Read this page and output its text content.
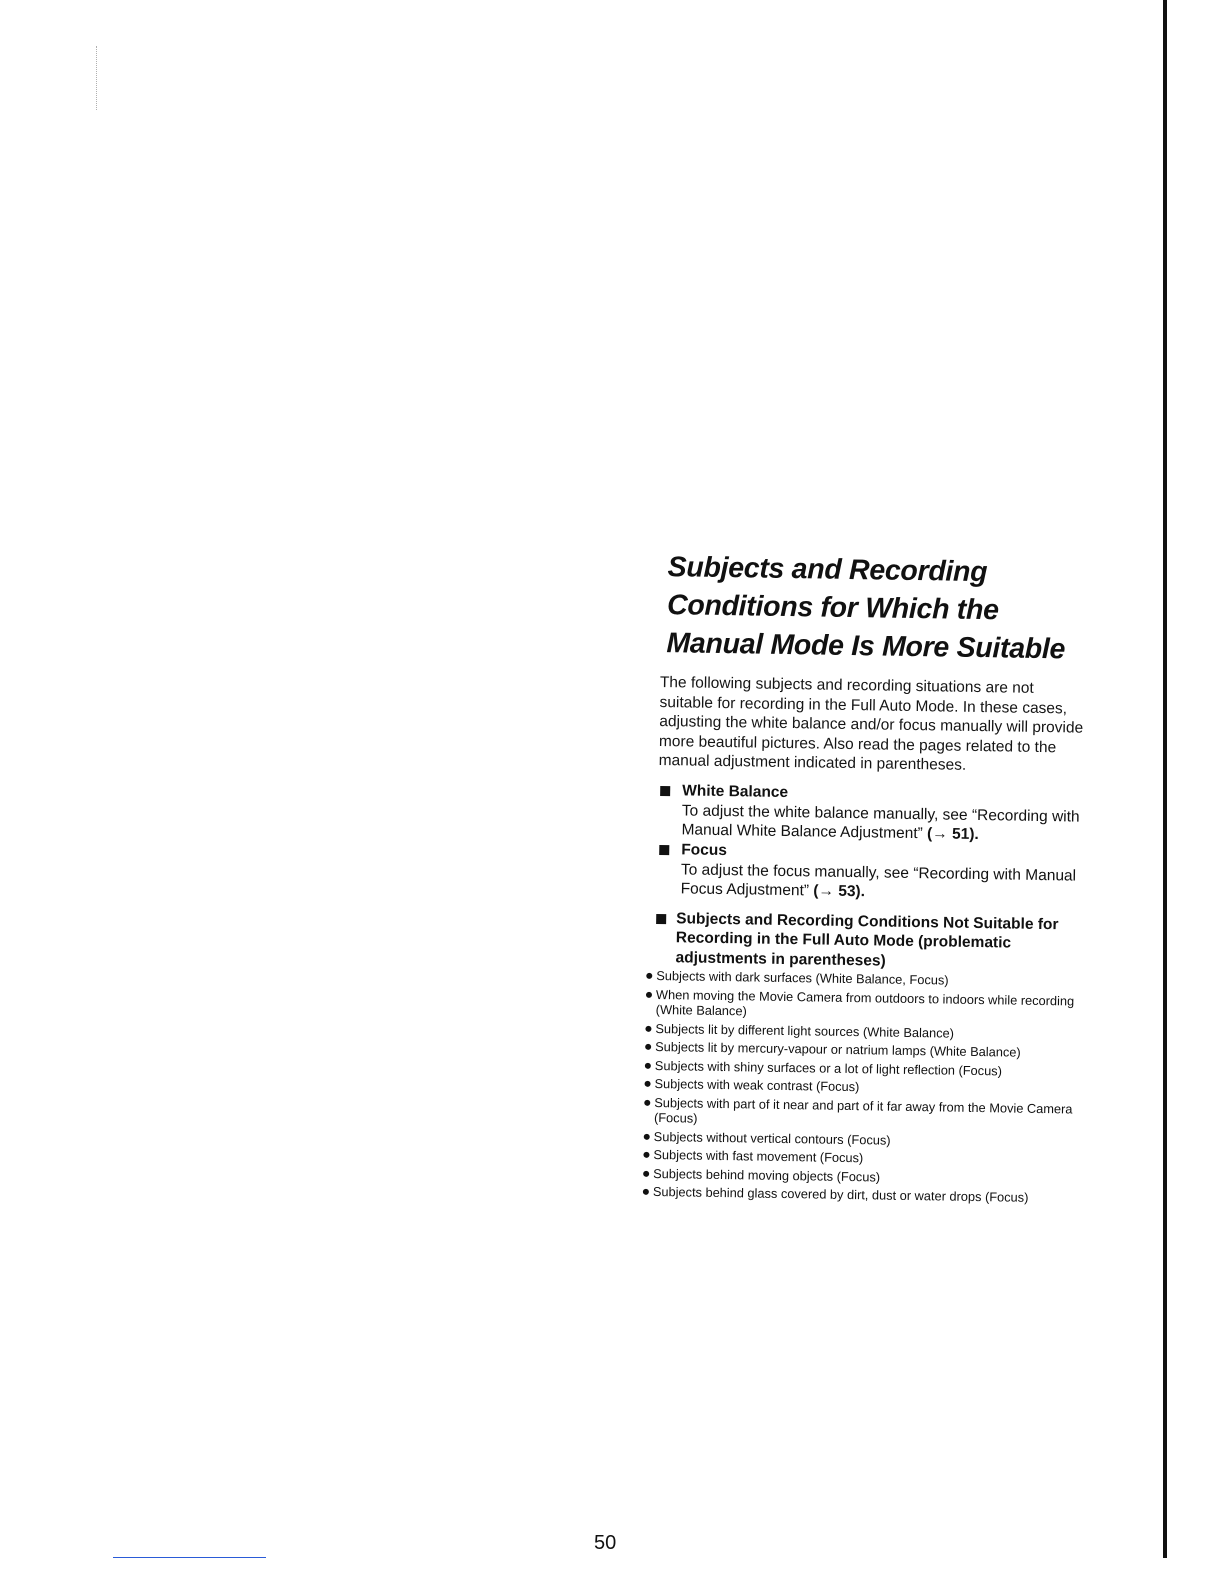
Subjects and Recording
Conditions for Which the
Manual Mode Is More Suitable

The following subjects and recording situations are not suitable for recording in the Full Auto Mode. In these cases, adjusting the white balance and/or focus manually will provide more beautiful pictures. Also read the pages related to the manual adjustment indicated in parentheses.

White Balance
To adjust the white balance manually, see “Recording with Manual White Balance Adjustment” (→ 51).
Focus
To adjust the focus manually, see “Recording with Manual Focus Adjustment” (→ 53).
Subjects and Recording Conditions Not Suitable for Recording in the Full Auto Mode (problematic adjustments in parentheses)
Subjects with dark surfaces (White Balance, Focus)
When moving the Movie Camera from outdoors to indoors while recording (White Balance)
Subjects lit by different light sources (White Balance)
Subjects lit by mercury-vapour or natrium lamps (White Balance)
Subjects with shiny surfaces or a lot of light reflection (Focus)
Subjects with weak contrast (Focus)
Subjects with part of it near and part of it far away from the Movie Camera (Focus)
Subjects without vertical contours (Focus)
Subjects with fast movement (Focus)
Subjects behind moving objects (Focus)
Subjects behind glass covered by dirt, dust or water drops (Focus)
50
